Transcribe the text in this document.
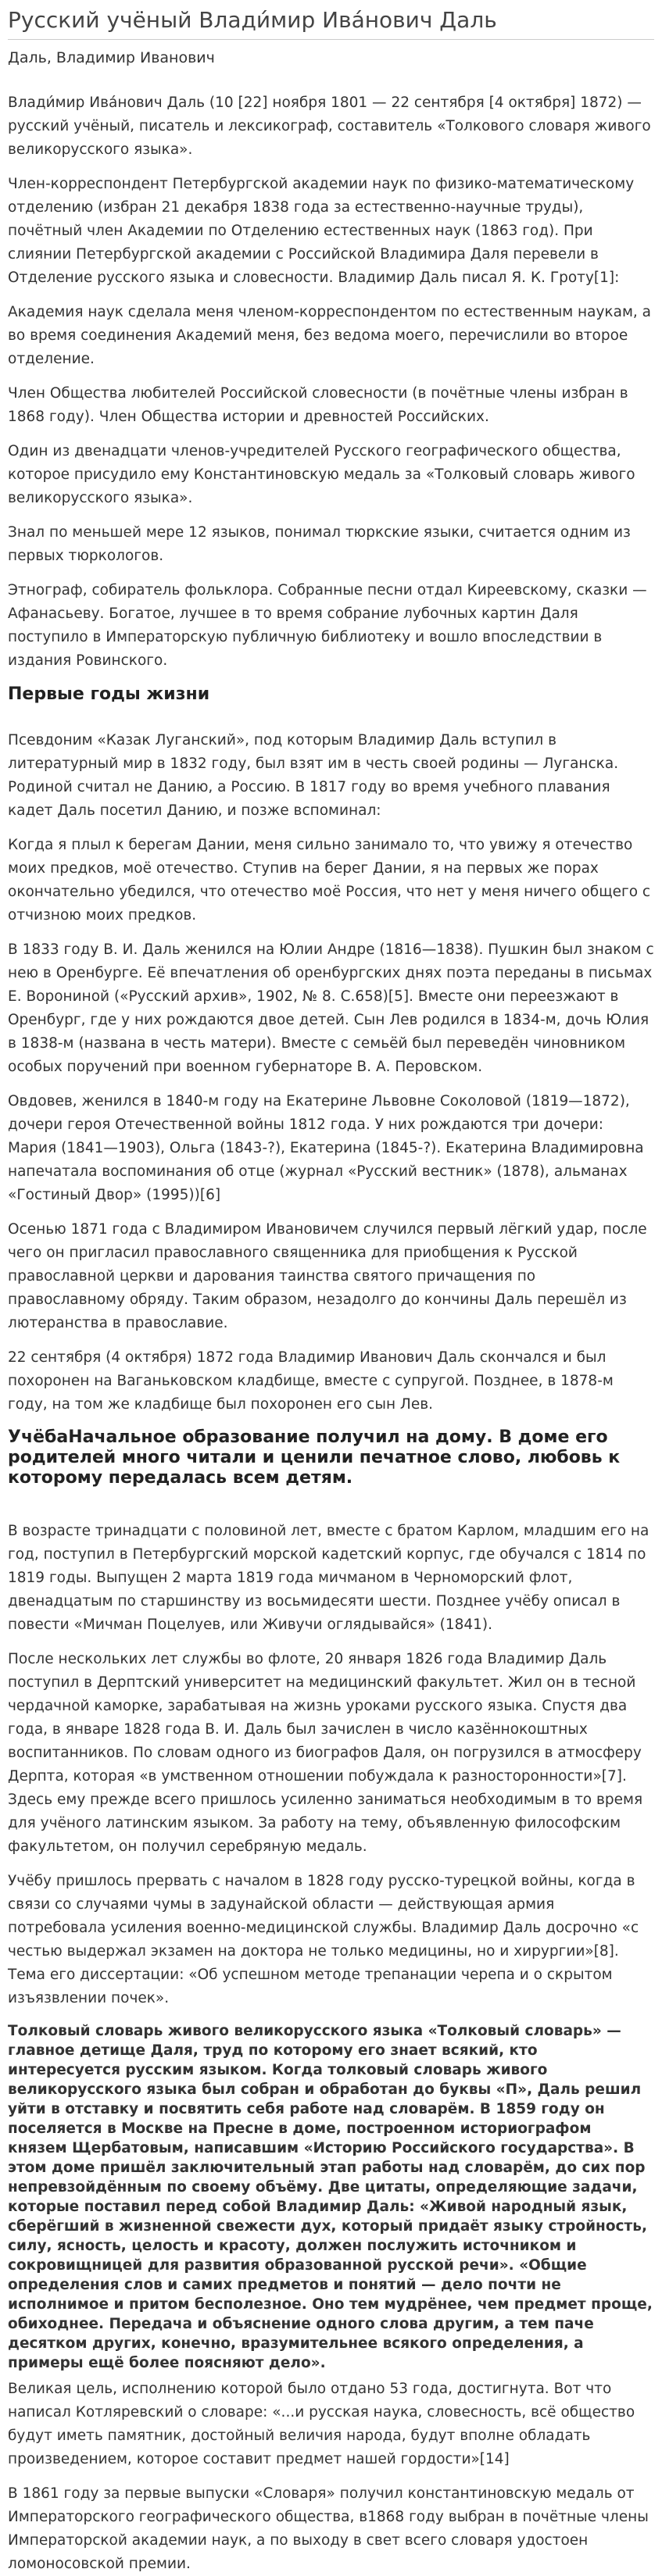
Русский учёный Влади́мир Ива́нович Даль
Даль, Владимир Иванович

Влади́мир Ива́нович Даль (10 [22] ноября 1801 — 22 сентября [4 октября] 1872) — русский учёный, писатель и лексикограф, составитель «Толкового словаря живого великорусского языка».

Член-корреспондент Петербургской академии наук по физико-математическому отделению (избран 21 декабря 1838 года за естественно-научные труды), почётный член Академии по Отделению естественных наук (1863 год). При слиянии Петербургской академии с Российской Владимира Даля перевели в Отделение русского языка и словесности. Владимир Даль писал Я. К. Гроту[1]:

Академия наук сделала меня членом-корреспондентом по естественным наукам, а во время соединения Академий меня, без ведома моего, перечислили во второе отделение.

Член Общества любителей Российской словесности (в почётные члены избран в 1868 году). Член Общества истории и древностей Российских.

Один из двенадцати членов-учредителей Русского географического общества, которое присудило ему Константиновскую медаль за «Толковый словарь живого великорусского языка».

Знал по меньшей мере 12 языков, понимал тюркские языки, считается одним из первых тюркологов.

Этнограф, собиратель фольклора. Собранные песни отдал Киреевскому, сказки — Афанасьеву. Богатое, лучшее в то время собрание лубочных картин Даля поступило в Императорскую публичную библиотеку и вошло впоследствии в издания Ровинского.

Первые годы жизни

Псевдоним «Казак Луганский», под которым Владимир Даль вступил в литературный мир в 1832 году, был взят им в честь своей родины — Луганска. Родиной считал не Данию, а Россию. В 1817 году во время учебного плавания кадет Даль посетил Данию, и позже вспоминал:

Когда я плыл к берегам Дании, меня сильно занимало то, что увижу я отечество моих предков, моё отечество. Ступив на берег Дании, я на первых же порах окончательно убедился, что отечество моё Россия, что нет у меня ничего общего с отчизною моих предков.

В 1833 году В. И. Даль женился на Юлии Андре (1816—1838). Пушкин был знаком с нею в Оренбурге. Её впечатления об оренбургских днях поэта переданы в письмах Е. Ворониной («Русский архив», 1902, № 8. С.658)[5]. Вместе они переезжают в Оренбург, где у них рождаются двое детей. Сын Лев родился в 1834-м, дочь Юлия в 1838-м (названа в честь матери). Вместе с семьёй был переведён чиновником особых поручений при военном губернаторе В. А. Перовском.

Овдовев, женился в 1840-м году на Екатерине Львовне Соколовой (1819—1872), дочери героя Отечественной войны 1812 года. У них рождаются три дочери: Мария (1841—1903), Ольга (1843-?), Екатерина (1845-?). Екатерина Владимировна напечатала воспоминания об отце (журнал «Русский вестник» (1878), альманах «Гостиный Двор» (1995))[6]

Осенью 1871 года с Владимиром Ивановичем случился первый лёгкий удар, после чего он пригласил православного священника для приобщения к Русской православной церкви и дарования таинства святого причащения по православному обряду. Таким образом, незадолго до кончины Даль перешёл из лютеранства в православие.

22 сентября (4 октября) 1872 года Владимир Иванович Даль скончался и был похоронен на Ваганьковском кладбище, вместе с супругой. Позднее, в 1878-м году, на том же кладбище был похоронен его сын Лев.

УчёбаНачальное образование получил на дому. В доме его родителей много читали и ценили печатное слово, любовь к которому передалась всем детям.

В возрасте тринадцати с половиной лет, вместе с братом Карлом, младшим его на год, поступил в Петербургский морской кадетский корпус, где обучался с 1814 по 1819 годы. Выпущен 2 марта 1819 года мичманом в Черноморский флот, двенадцатым по старшинству из восьмидесяти шести. Позднее учёбу описал в повести «Мичман Поцелуев, или Живучи оглядывайся» (1841).

После нескольких лет службы во флоте, 20 января 1826 года Владимир Даль поступил в Дерптский университет на медицинский факультет. Жил он в тесной чердачной каморке, зарабатывая на жизнь уроками русского языка. Спустя два года, в январе 1828 года В. И. Даль был зачислен в число казённокоштных воспитанников. По словам одного из биографов Даля, он погрузился в атмосферу Дерпта, которая «в умственном отношении побуждала к разносторонности»[7]. Здесь ему прежде всего пришлось усиленно заниматься необходимым в то время для учёного латинским языком. За работу на тему, объявленную философским факультетом, он получил серебряную медаль.

Учёбу пришлось прервать с началом в 1828 году русско-турецкой войны, когда в связи со случаями чумы в задунайской области — действующая армия потребовала усиления военно-медицинской службы. Владимир Даль досрочно «с честью выдержал экзамен на доктора не только медицины, но и хирургии»[8]. Тема его диссертации: «Об успешном методе трепанации черепа и о скрытом изъязвлении почек».

Толковый словарь живого великорусского языка «Толковый словарь» — главное детище Даля, труд по которому его знает всякий, кто интересуется русским языком. Когда толковый словарь живого великорусского языка был собран и обработан до буквы «П», Даль решил уйти в отставку и посвятить себя работе над словарём. В 1859 году он поселяется в Москве на Пресне в доме, построенном историографом князем Щербатовым, написавшим «Историю Российского государства». В этом доме пришёл заключительный этап работы над словарём, до сих пор непревзойдённым по своему объёму. Две цитаты, определяющие задачи, которые поставил перед собой Владимир Даль: «Живой народный язык, сберёгший в жизненной свежести дух, который придаёт языку стройность, силу, ясность, целость и красоту, должен послужить источником и сокровищницей для развития образованной русской речи». «Общие определения слов и самих предметов и понятий — дело почти не исполнимое и притом бесполезное. Оно тем мудрёнее, чем предмет проще, обиходнее. Передача и объяснение одного слова другим, а тем паче десятком других, конечно, вразумительнее всякого определения, а примеры ещё более поясняют дело».

Великая цель, исполнению которой было отдано 53 года, достигнута. Вот что написал Котляревский о словаре: «...и русская наука, словесность, всё общество будут иметь памятник, достойный величия народа, будут вполне обладать произведением, которое составит предмет нашей гордости»[14]

В 1861 году за первые выпуски «Словаря» получил константиновскую медаль от Императорского географического общества, в1868 году выбран в почётные члены Императорской академии наук, а по выходу в свет всего словаря удостоен ломоносовской премии.
